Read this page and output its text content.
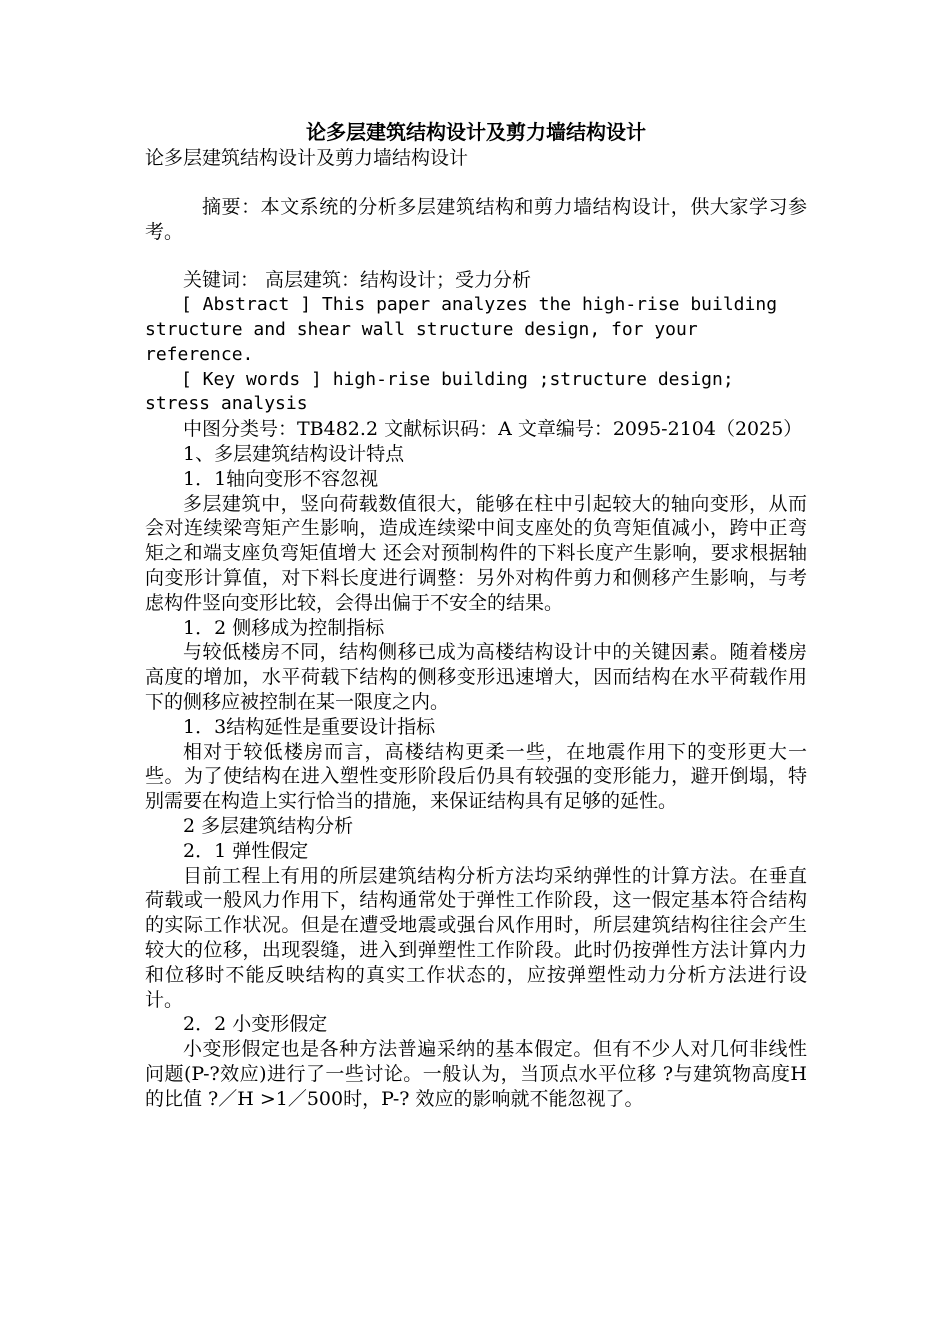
论多层建筑结构设计及剪力墙结构设计

论多层建筑结构设计及剪力墙结构设计

摘要：本文系统的分析多层建筑结构和剪力墙结构设计，供大家学习参考。

关键词： 高层建筑：结构设计；受力分析

[ Abstract ] This paper analyzes the high-rise building structure and shear wall structure design, for your reference.

[ Key words ] high-rise building ;structure design; stress analysis

中图分类号：TB482.2 文献标识码：A 文章编号：2095-2104（2025）

1、多层建筑结构设计特点

1．1轴向变形不容忽视

多层建筑中，竖向荷载数值很大，能够在柱中引起较大的轴向变形，从而会对连续梁弯矩产生影响，造成连续梁中间支座处的负弯矩值减小，跨中正弯矩之和端支座负弯矩值增大 还会对预制构件的下料长度产生影响，要求根据轴向变形计算值，对下料长度进行调整：另外对构件剪力和侧移产生影响，与考虑构件竖向变形比较，会得出偏于不安全的结果。

1．2 侧移成为控制指标

与较低楼房不同，结构侧移已成为高楼结构设计中的关键因素。随着楼房高度的增加，水平荷载下结构的侧移变形迅速增大，因而结构在水平荷载作用下的侧移应被控制在某一限度之内。

1．3结构延性是重要设计指标

相对于较低楼房而言，高楼结构更柔一些，在地震作用下的变形更大一些。为了使结构在进入塑性变形阶段后仍具有较强的变形能力，避开倒塌，特别需要在构造上实行恰当的措施，来保证结构具有足够的延性。

2 多层建筑结构分析

2．1 弹性假定

目前工程上有用的所层建筑结构分析方法均采纳弹性的计算方法。在垂直荷载或一般风力作用下，结构通常处于弹性工作阶段，这一假定基本符合结构的实际工作状况。但是在遭受地震或强台风作用时，所层建筑结构往往会产生较大的位移，出现裂缝，进入到弹塑性工作阶段。此时仍按弹性方法计算内力和位移时不能反映结构的真实工作状态的，应按弹塑性动力分析方法进行设计。

2．2 小变形假定

小变形假定也是各种方法普遍采纳的基本假定。但有不少人对几何非线性问题(P-?效应)进行了一些讨论。一般认为，当顶点水平位移 ?与建筑物高度H的比值 ?／H >1／500时，P-? 效应的影响就不能忽视了。
